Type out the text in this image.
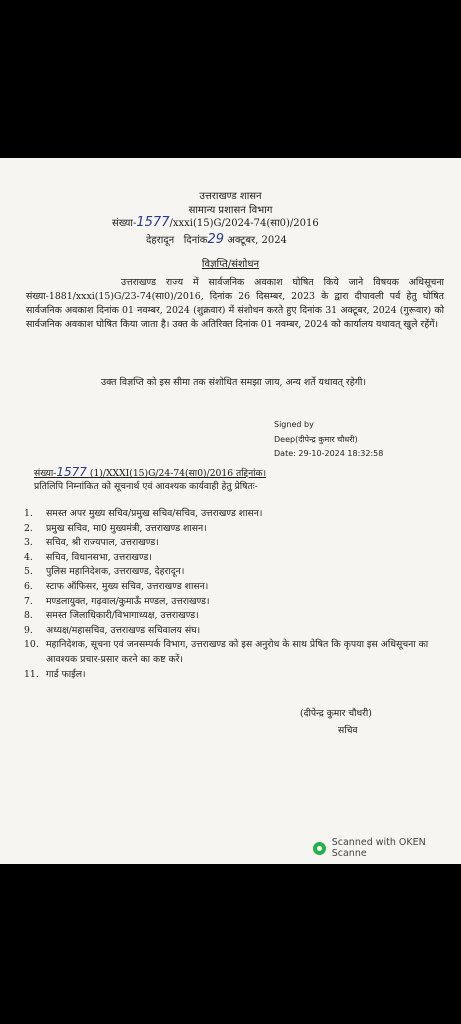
उत्तराखण्ड शासन
सामान्य प्रशासन विभाग
संख्या-1577/xxxi(15)G/2024-74(सा0)/2016
देहरादून दिनांक29 अक्टूबर, 2024
विज्ञप्ति/संशोधन
उत्तराखण्ड राज्य में सार्वजनिक अवकाश घोषित किये जाने विषयक अधिसूचना संख्या-1881/xxxi(15)G/23-74(सा0)/2016, दिनांक 26 दिसम्बर, 2023 के द्वारा दीपावली पर्व हेतु घोषित सार्वजनिक अवकाश दिनांक 01 नवम्बर, 2024 (शुक्रवार) में संशोधन करते हुए दिनांक 31 अक्टूबर, 2024 (गुरूवार) को सार्वजनिक अवकाश घोषित किया जाता है। उक्त के अतिरिक्त दिनांक 01 नवम्बर, 2024 को कार्यालय यथावत् खुले रहेंगें।
उक्त विज्ञप्ति को इस सीमा तक संशोधित समझा जाय, अन्य शर्ते यथावत् रहेगी।
Signed by
Deep(दीपेन्द्र कुमार चौधरी)
Date: 29-10-2024 18:32:58
संख्या-1577 (1)/XXXI(15)G/24-74(सा0)/2016 तद्दिनांक।
प्रतिलिपि निम्नांकित को सूचनार्थ एवं आवश्यक कार्यवाही हेतु प्रेषितः-
1.	समस्त अपर मुख्य सचिव/प्रमुख सचिव/सचिव, उत्तराखण्ड शासन।
2.	प्रमुख सचिव, मा0 मुख्यमंत्री, उत्तराखण्ड शासन।
3.	सचिव, श्री राज्यपाल, उत्तराखण्ड।
4.	सचिव, विधानसभा, उत्तराखण्ड।
5.	पुलिस महानिदेशक, उत्तराखण्ड, देहरादून।
6.	स्टाफ ऑफिसर, मुख्य सचिव, उत्तराखण्ड शासन।
7.	मण्डलायुक्त, गढ़वाल/कुमाऊँ मण्डल, उत्तराखण्ड।
8.	समस्त जिलाधिकारी/विभागाध्यक्ष, उत्तराखण्ड।
9.	अध्यक्ष/महासचिव, उत्तराखण्ड सचिवालय संघ।
10. महानिदेशक, सूचना एवं जनसम्पर्क विभाग, उत्तराखण्ड को इस अनुरोध के साथ प्रेषित कि कृपया इस अधिसूचना का आवश्यक प्रचार-प्रसार करने का कष्ट करें।
11. गार्ड फाईल।
(दीपेन्द्र कुमार चौधरी)
सचिव
Scanned with OKEN Scanne
